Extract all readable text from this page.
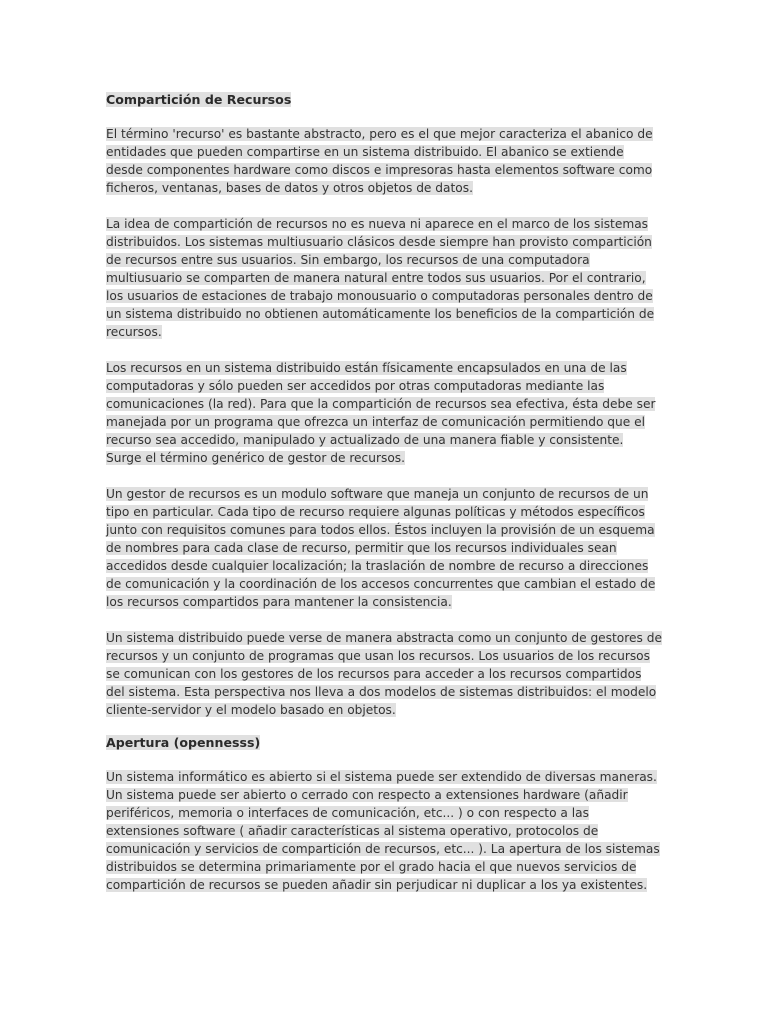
Compartición de Recursos

El término 'recurso' es bastante abstracto, pero es el que mejor caracteriza el abanico de entidades que pueden compartirse en un sistema distribuido. El abanico se extiende desde componentes hardware como discos e impresoras hasta elementos software como ficheros, ventanas, bases de datos y otros objetos de datos.

La idea de compartición de recursos no es nueva ni aparece en el marco de los sistemas distribuidos. Los sistemas multiusuario clásicos desde siempre han provisto compartición de recursos entre sus usuarios. Sin embargo, los recursos de una computadora multiusuario se comparten de manera natural entre todos sus usuarios. Por el contrario, los usuarios de estaciones de trabajo monousuario o computadoras personales dentro de un sistema distribuido no obtienen automáticamente los beneficios de la compartición de recursos.

Los recursos en un sistema distribuido están físicamente encapsulados en una de las computadoras y sólo pueden ser accedidos por otras computadoras mediante las comunicaciones (la red). Para que la compartición de recursos sea efectiva, ésta debe ser manejada por un programa que ofrezca un interfaz de comunicación permitiendo que el recurso sea accedido, manipulado y actualizado de una manera fiable y consistente. Surge el término genérico de gestor de recursos.

Un gestor de recursos es un modulo software que maneja un conjunto de recursos de un tipo en particular. Cada tipo de recurso requiere algunas políticas y métodos específicos junto con requisitos comunes para todos ellos. Éstos incluyen la provisión de un esquema de nombres para cada clase de recurso, permitir que los recursos individuales sean accedidos desde cualquier localización; la traslación de nombre de recurso a direcciones de comunicación y la coordinación de los accesos concurrentes que cambian el estado de los recursos compartidos para mantener la consistencia.

Un sistema distribuido puede verse de manera abstracta como un conjunto de gestores de recursos y un conjunto de programas que usan los recursos. Los usuarios de los recursos se comunican con los gestores de los recursos para acceder a los recursos compartidos del sistema. Esta perspectiva nos lleva a dos modelos de sistemas distribuidos: el modelo cliente-servidor y el modelo basado en objetos.

Apertura (opennesss)

Un sistema informático es abierto si el sistema puede ser extendido de diversas maneras. Un sistema puede ser abierto o cerrado con respecto a extensiones hardware (añadir periféricos, memoria o interfaces de comunicación, etc... ) o con respecto a las extensiones software ( añadir características al sistema operativo, protocolos de comunicación y servicios de compartición de recursos, etc... ). La apertura de los sistemas distribuidos se determina primariamente por el grado hacia el que nuevos servicios de compartición de recursos se pueden añadir sin perjudicar ni duplicar a los ya existentes.
